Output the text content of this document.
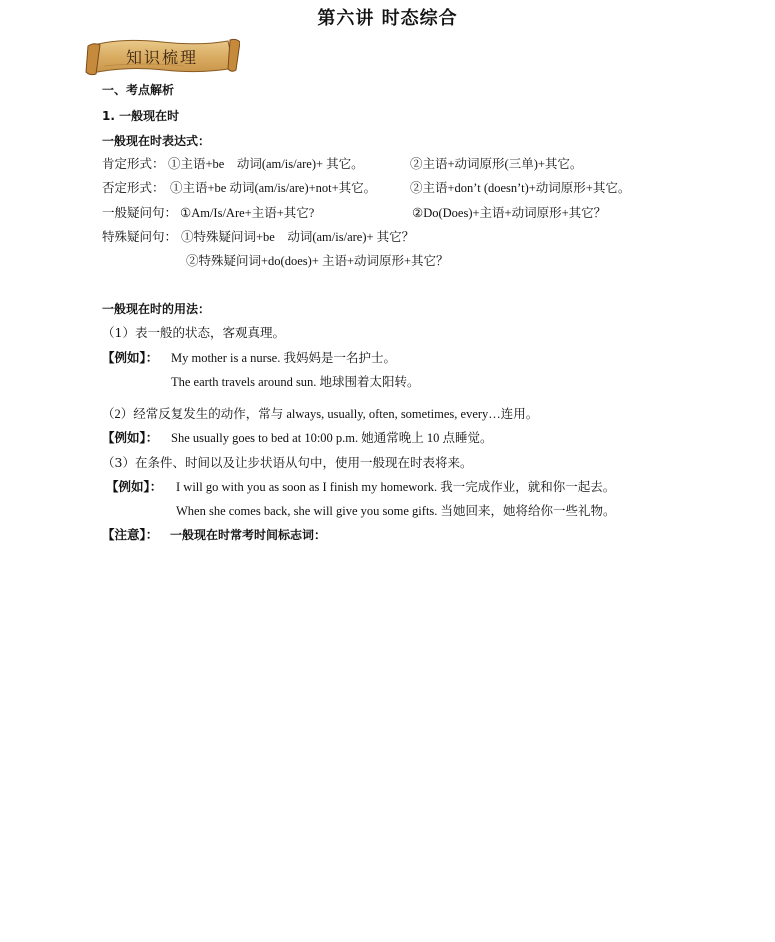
第六讲 时态综合
知识梳理
一、考点解析
1. 一般现在时
一般现在时表达式：
肯定形式： ①主语+be　动词(am/is/are)+ 其它。	②主语+动词原形(三单)+其它。
否定形式： ①主语+be 动词(am/is/are)+not+其它。	②主语+don’t (doesn’t)+动词原形+其它。
一般疑问句： ①Am/Is/Are+主语+其它?	②Do(Does)+主语+动词原形+其它？
特殊疑问句： ①特殊疑问词+be　动词(am/is/are)+ 其它？
②特殊疑问词+do(does)+ 主语+动词原形+其它？
一般现在时的用法：
（1）表一般的状态，客观真理。
【例如】： My mother is a nurse. 我妈妈是一名护士。
The earth travels around sun. 地球围着太阳转。
（2）经常反复发生的动作，常与 always, usually, often, sometimes, every…连用。
【例如】： She usually goes to bed at 10:00 p.m. 她通常晚上 10 点睡觉。
（3）在条件、时间以及让步状语从句中，使用一般现在时表将来。
【例如】： I will go with you as soon as I finish my homework. 我一完成作业，就和你一起去。
When she comes back, she will give you some gifts. 当她回来，她将给你一些礼物。
【注意】： 一般现在时常考时间标志词：
